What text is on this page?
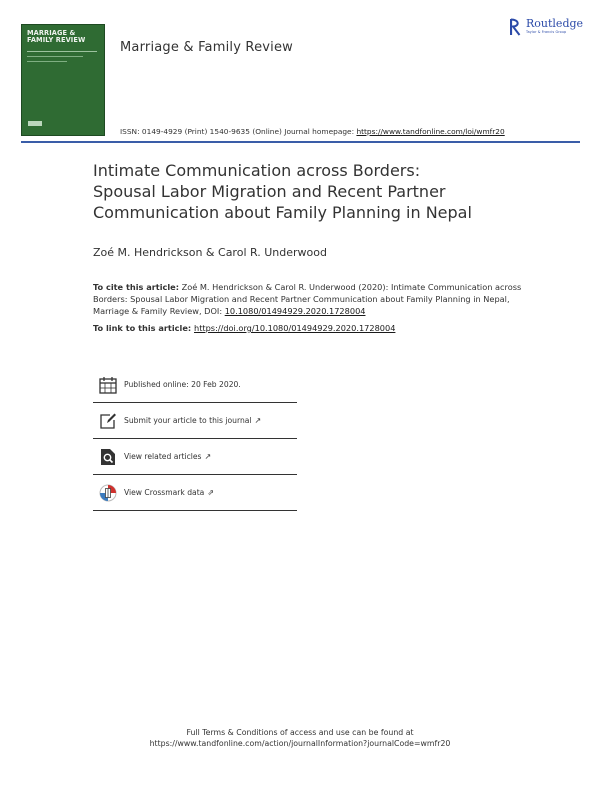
MARRIAGE &
FAMILY REVIEW	Marriage & Family Review
Routledge
Taylor & Francis Group
ISSN: 0149-4929 (Print) 1540-9635 (Online) Journal homepage: https://www.tandfonline.com/loi/wmfr20
Intimate Communication across Borders:
Spousal Labor Migration and Recent Partner
Communication about Family Planning in Nepal
Zoé M. Hendrickson & Carol R. Underwood
To cite this article: Zoé M. Hendrickson & Carol R. Underwood (2020): Intimate Communication across Borders: Spousal Labor Migration and Recent Partner Communication about Family Planning in Nepal, Marriage & Family Review, DOI: 10.1080/01494929.2020.1728004
To link to this article: https://doi.org/10.1080/01494929.2020.1728004
Published online: 20 Feb 2020.
Submit your article to this journal ↗
View related articles ↗
View Crossmark data ⇗
Full Terms & Conditions of access and use can be found at
https://www.tandfonline.com/action/journalInformation?journalCode=wmfr20
